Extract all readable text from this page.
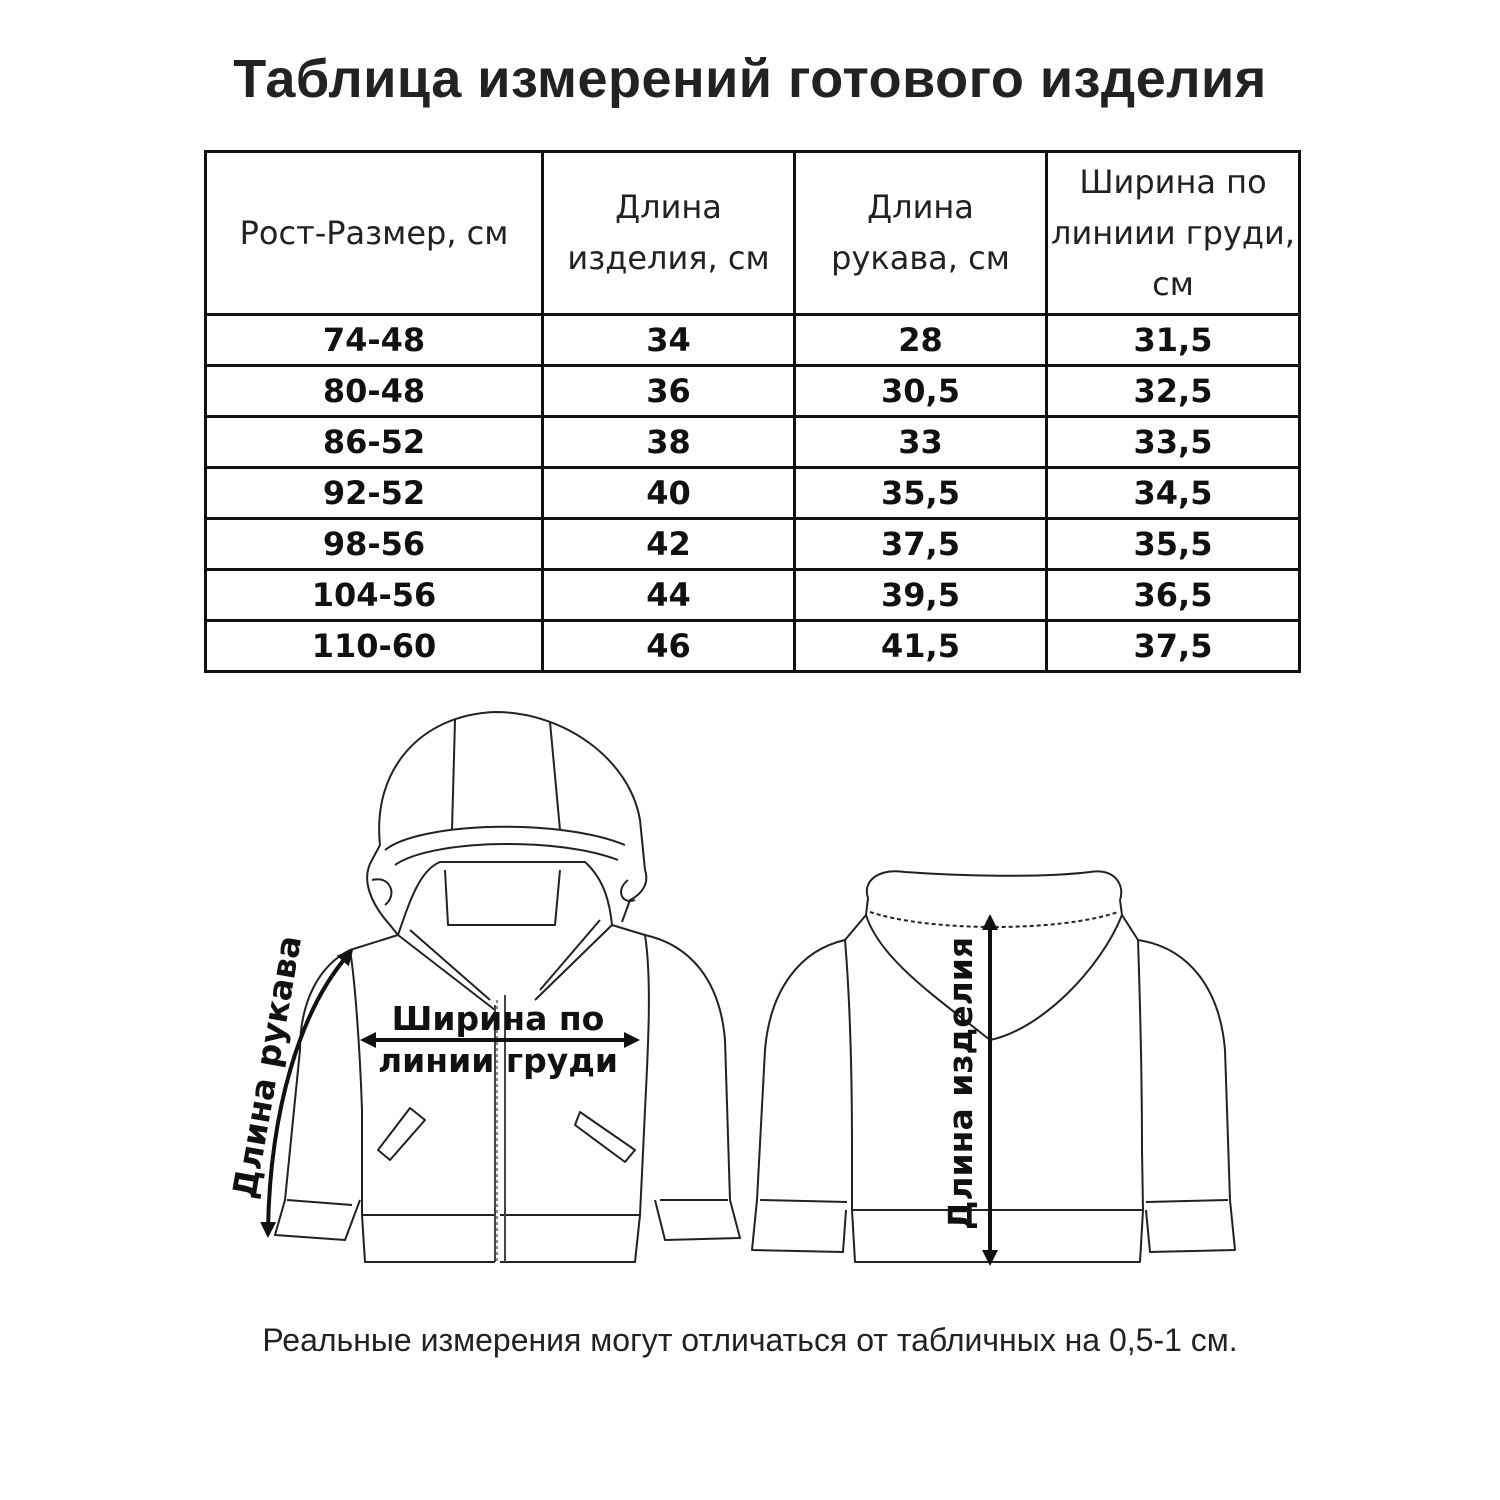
Таблица измерений готового изделия
Рост-Размер, см	Длина изделия, см	Длина рукава, см	Ширина по линиии груди, см
74-48	34	28	31,5
80-48	36	30,5	32,5
86-52	38	33	33,5
92-52	40	35,5	34,5
98-56	42	37,5	35,5
104-56	44	39,5	36,5
110-60	46	41,5	37,5
Длина рукава	Ширина по
линии груди	Длина изделия
Реальные измерения могут отличаться от табличных на 0,5-1 см.
